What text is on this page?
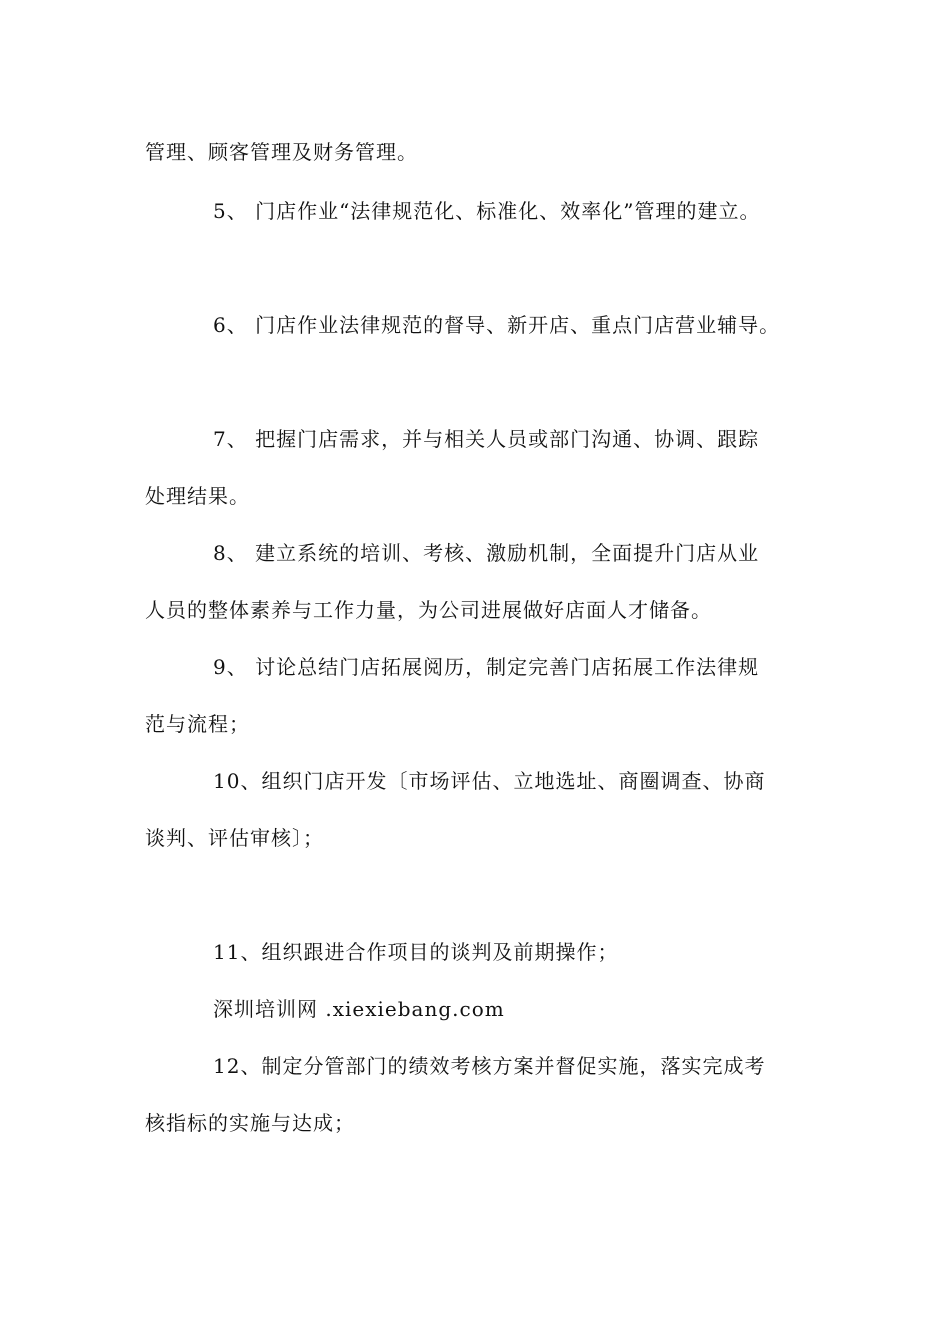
管理、顾客管理及财务管理。
5、 门店作业“法律规范化、标准化、效率化”管理的建立。
6、 门店作业法律规范的督导、新开店、重点门店营业辅导。
7、 把握门店需求，并与相关人员或部门沟通、协调、跟踪
处理结果。
8、 建立系统的培训、考核、激励机制，全面提升门店从业
人员的整体素养与工作力量，为公司进展做好店面人才储备。
9、 讨论总结门店拓展阅历，制定完善门店拓展工作法律规
范与流程；
10、组织门店开发〔市场评估、立地选址、商圈调查、协商
谈判、评估审核〕；
11、组织跟进合作项目的谈判及前期操作；
深圳培训网 .xiexiebang.com
12、制定分管部门的绩效考核方案并督促实施，落实完成考
核指标的实施与达成；
